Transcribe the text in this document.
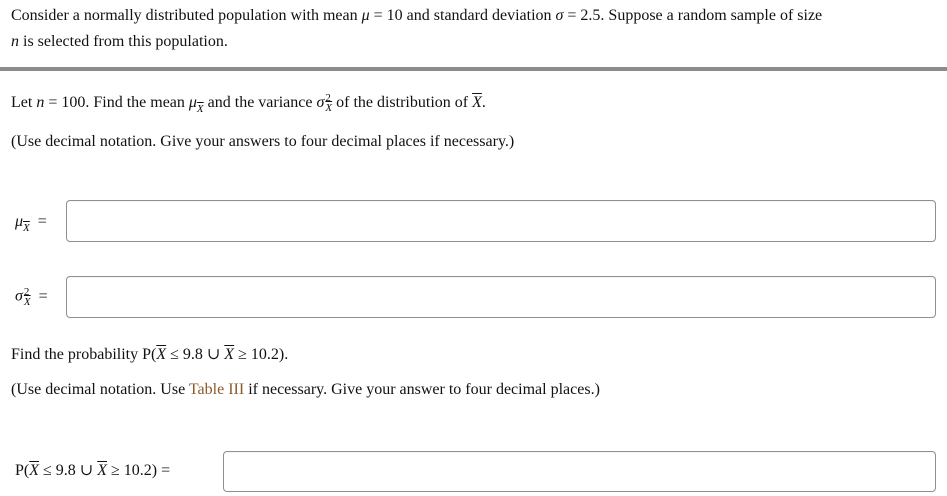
Consider a normally distributed population with mean μ = 10 and standard deviation σ = 2.5. Suppose a random sample of size
n is selected from this population.
Let n = 100. Find the mean $\mu_{\overline{X}}$ and the variance σ $\frac{2}{X}$ of the distribution of $\overline{X}$.
(Use decimal notation. Give your answers to four decimal places if necessary.)
$\mu_{\overline{X}}$ =
σ $\frac{2}{X}$ =
Find the probability $P(\overline{X} \le 9.8$ ∪ $\overline{X} \ge 10.2$).
(Use decimal notation. Use Table III if necessary. Give your answer to four decimal places.)
$P(\overline{X} \le 9.8$ ∪ $\overline{X} \ge 10.2$) =
